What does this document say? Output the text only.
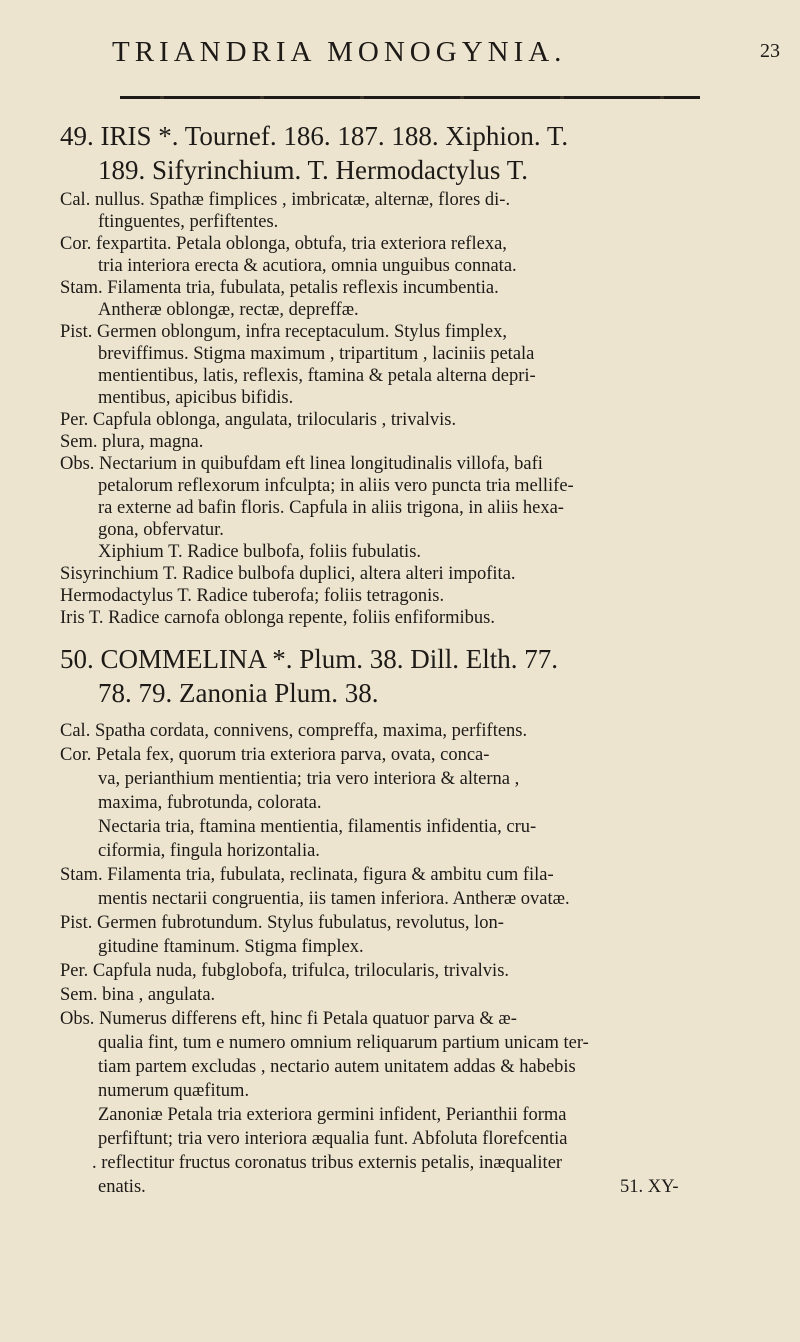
TRIANDRIA MONOGYNIA.	23
49. IRIS *. Tournef. 186. 187. 188. Xiphion. T.
189. Sifyrinchium. T. Hermodactylus T.
Cal. nullus. Spathæ fimplices , imbricatæ, alternæ, flores di-.
ftinguentes, perfiftentes.
Cor. fexpartita. Petala oblonga, obtufa, tria exteriora reflexa,
tria interiora erecta & acutiora, omnia unguibus connata.
Stam. Filamenta tria, fubulata, petalis reflexis incumbentia.
Antheræ oblongæ, rectæ, depreffæ.
Pist. Germen oblongum, infra receptaculum. Stylus fimplex,
breviffimus. Stigma maximum , tripartitum , laciniis petala
mentientibus, latis, reflexis, ftamina & petala alterna depri-
mentibus, apicibus bifidis.
Per. Capfula oblonga, angulata, trilocularis , trivalvis.
Sem. plura, magna.
Obs. Nectarium in quibufdam eft linea longitudinalis villofa, bafi
petalorum reflexorum infculpta; in aliis vero puncta tria mellife-
ra externe ad bafin floris. Capfula in aliis trigona, in aliis hexa-
gona, obfervatur.
Xiphium T. Radice bulbofa, foliis fubulatis.
Sisyrinchium T. Radice bulbofa duplici, altera alteri impofita.
Hermodactylus T. Radice tuberofa; foliis tetragonis.
Iris T. Radice carnofa oblonga repente, foliis enfiformibus.
50. COMMELINA *. Plum. 38. Dill. Elth. 77.
78. 79. Zanonia Plum. 38.
Cal. Spatha cordata, connivens, compreffa, maxima, perfiftens.
Cor. Petala fex, quorum tria exteriora parva, ovata, conca-
va, perianthium mentientia; tria vero interiora & alterna ,
maxima, fubrotunda, colorata.
Nectaria tria, ftamina mentientia, filamentis infidentia, cru-
ciformia, fingula horizontalia.
Stam. Filamenta tria, fubulata, reclinata, figura & ambitu cum fila-
mentis nectarii congruentia, iis tamen inferiora. Antheræ ovatæ.
Pist. Germen fubrotundum. Stylus fubulatus, revolutus, lon-
gitudine ftaminum. Stigma fimplex.
Per. Capfula nuda, fubglobofa, trifulca, trilocularis, trivalvis.
Sem. bina , angulata.
Obs. Numerus differens eft, hinc fi Petala quatuor parva & æ-
qualia fint, tum e numero omnium reliquarum partium unicam ter-
tiam partem excludas , nectario autem unitatem addas & habebis
numerum quæfitum.
Zanoniæ Petala tria exteriora germini infident, Perianthii forma
perfiftunt; tria vero interiora æqualia funt. Abfoluta florefcentia
. reflectitur fructus coronatus tribus externis petalis, inæqualiter
enatis.	51. XY-
